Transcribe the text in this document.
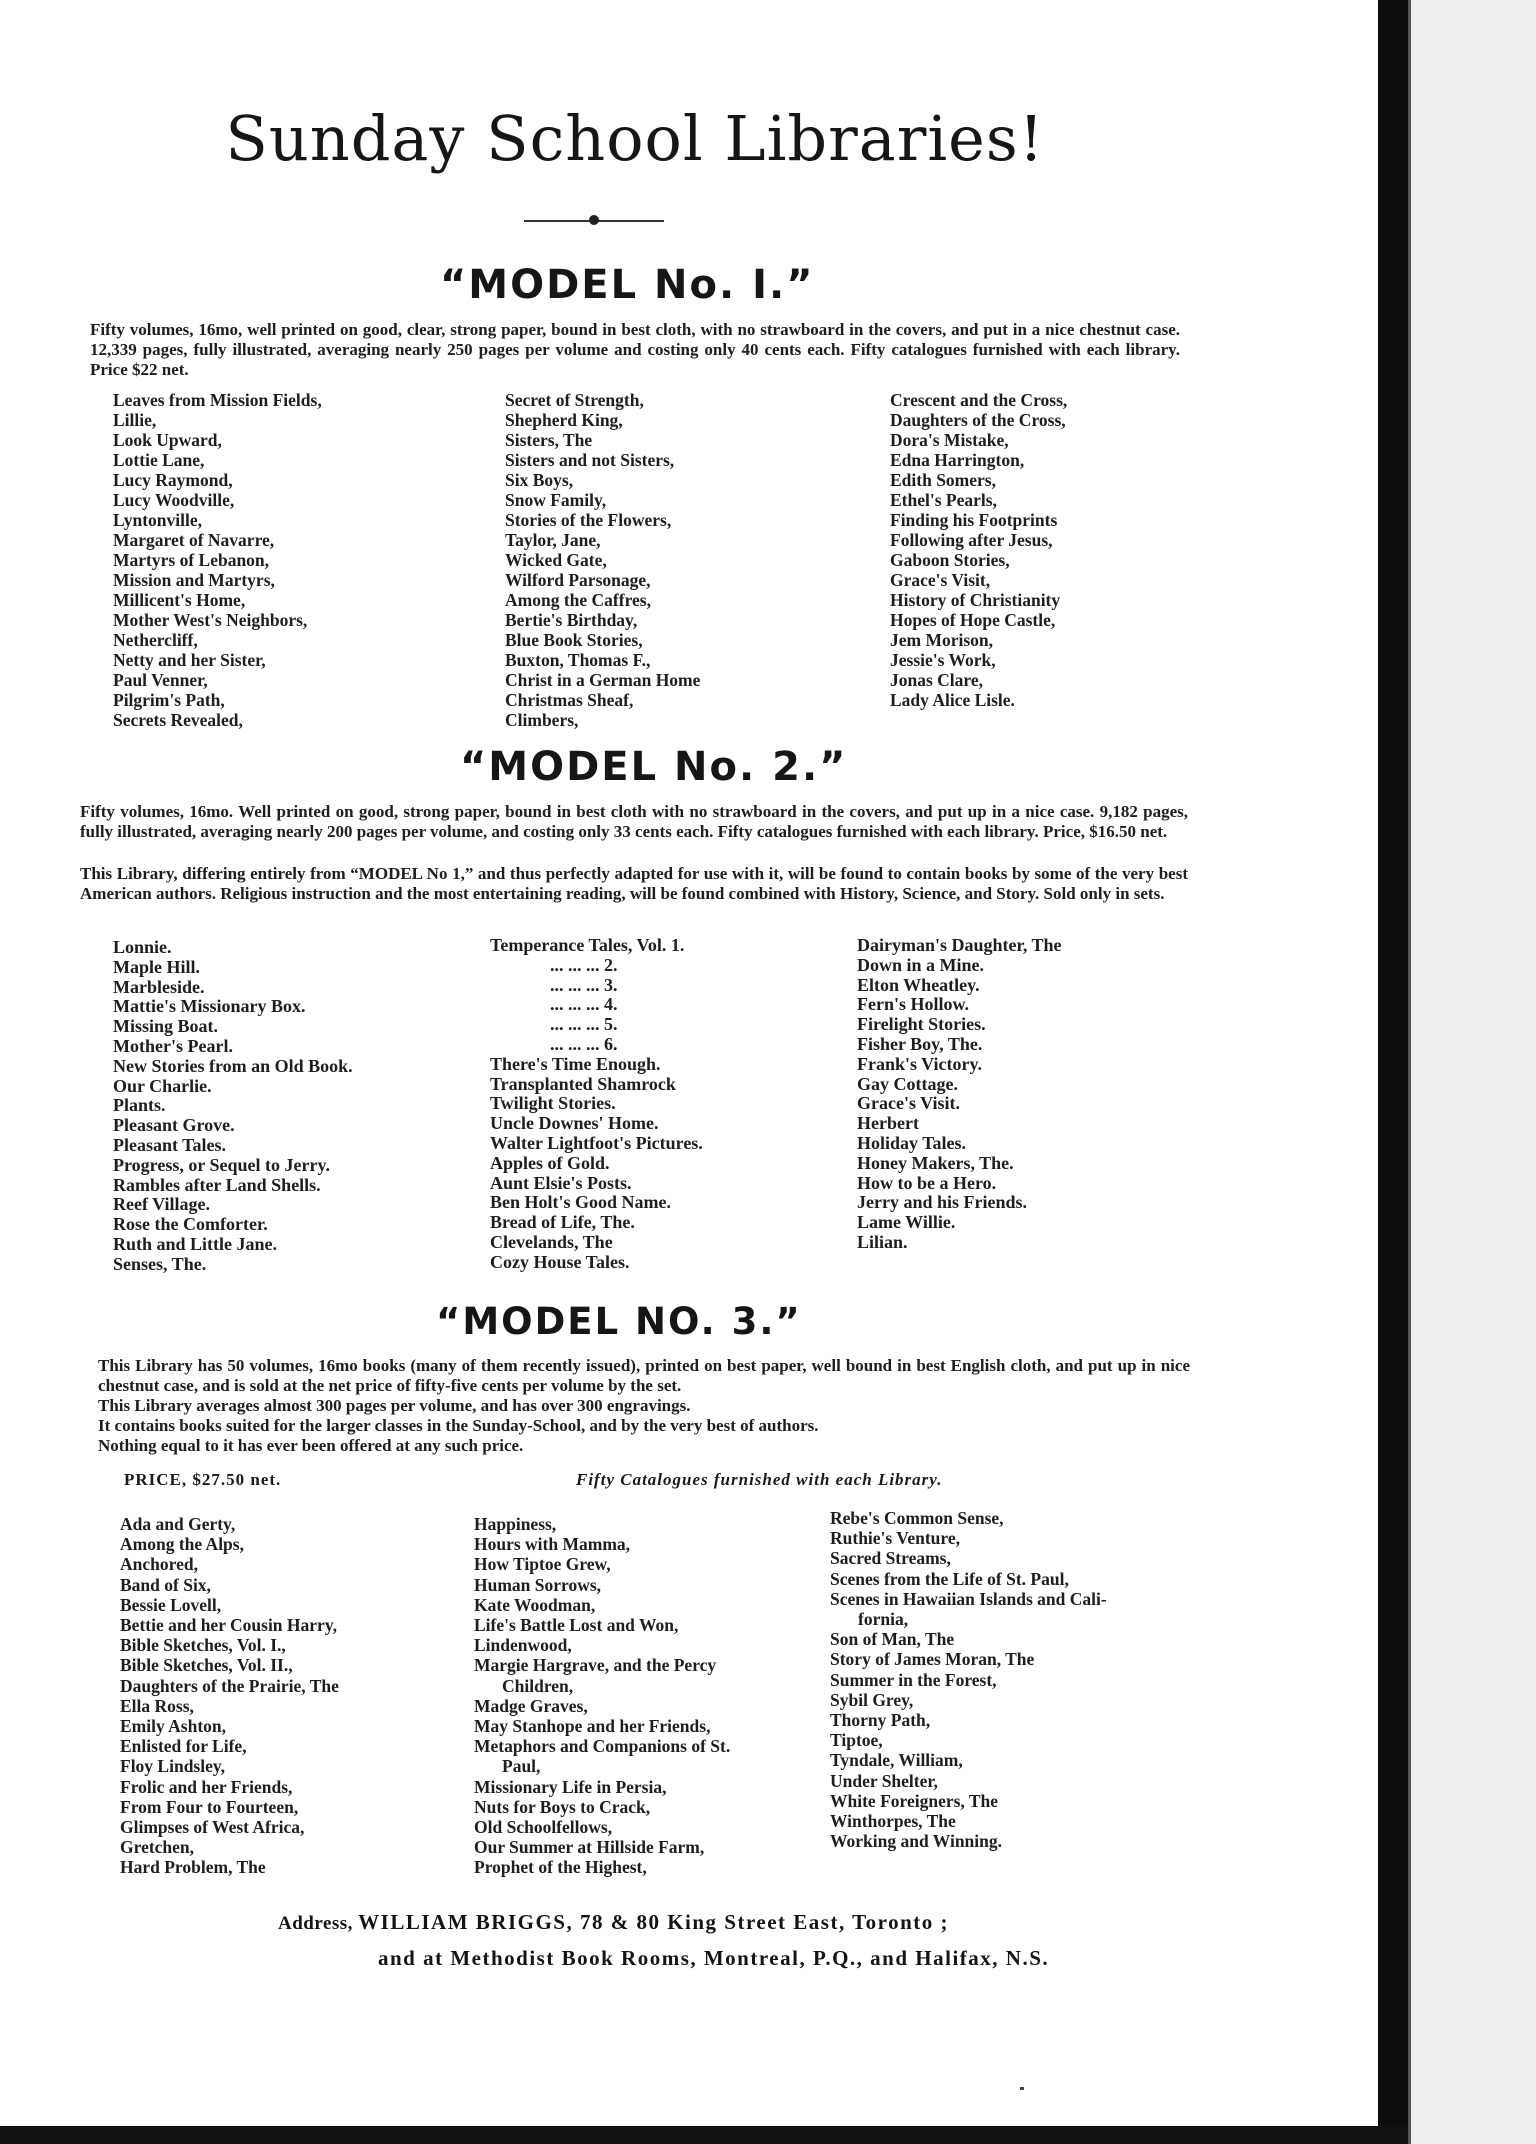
Sunday School Libraries!
“MODEL No. I.”
Fifty volumes, 16mo, well printed on good, clear, strong paper, bound in best cloth, with no strawboard in the covers, and put in a nice chestnut case. 12,339 pages, fully illustrated, averaging nearly 250 pages per volume and costing only 40 cents each. Fifty catalogues furnished with each library. Price $22 net.
Leaves from Mission Fields,
Lillie,
Look Upward,
Lottie Lane,
Lucy Raymond,
Lucy Woodville,
Lyntonville,
Margaret of Navarre,
Martyrs of Lebanon,
Mission and Martyrs,
Millicent's Home,
Mother West's Neighbors,
Nethercliff,
Netty and her Sister,
Paul Venner,
Pilgrim's Path,
Secrets Revealed,
Secret of Strength,
Shepherd King,
Sisters, The
Sisters and not Sisters,
Six Boys,
Snow Family,
Stories of the Flowers,
Taylor, Jane,
Wicked Gate,
Wilford Parsonage,
Among the Caffres,
Bertie's Birthday,
Blue Book Stories,
Buxton, Thomas F.,
Christ in a German Home
Christmas Sheaf,
Climbers,
Crescent and the Cross,
Daughters of the Cross,
Dora's Mistake,
Edna Harrington,
Edith Somers,
Ethel's Pearls,
Finding his Footprints
Following after Jesus,
Gaboon Stories,
Grace's Visit,
History of Christianity
Hopes of Hope Castle,
Jem Morison,
Jessie's Work,
Jonas Clare,
Lady Alice Lisle.
“MODEL No. 2.”
Fifty volumes, 16mo. Well printed on good, strong paper, bound in best cloth with no strawboard in the covers, and put up in a nice case. 9,182 pages, fully illustrated, averaging nearly 200 pages per volume, and costing only 33 cents each. Fifty catalogues furnished with each library. Price, $16.50 net.
This Library, differing entirely from “MODEL No 1,” and thus perfectly adapted for use with it, will be found to contain books by some of the very best American authors. Religious instruction and the most entertaining reading, will be found combined with History, Science, and Story. Sold only in sets.
Lonnie.
Maple Hill.
Marbleside.
Mattie's Missionary Box.
Missing Boat.
Mother's Pearl.
New Stories from an Old Book.
Our Charlie.
Plants.
Pleasant Grove.
Pleasant Tales.
Progress, or Sequel to Jerry.
Rambles after Land Shells.
Reef Village.
Rose the Comforter.
Ruth and Little Jane.
Senses, The.
Temperance Tales, Vol. 1.
... ... ... 2.
... ... ... 3.
... ... ... 4.
... ... ... 5.
... ... ... 6.
There's Time Enough.
Transplanted Shamrock
Twilight Stories.
Uncle Downes' Home.
Walter Lightfoot's Pictures.
Apples of Gold.
Aunt Elsie's Posts.
Ben Holt's Good Name.
Bread of Life, The.
Clevelands, The
Cozy House Tales.
Dairyman's Daughter, The
Down in a Mine.
Elton Wheatley.
Fern's Hollow.
Firelight Stories.
Fisher Boy, The.
Frank's Victory.
Gay Cottage.
Grace's Visit.
Herbert
Holiday Tales.
Honey Makers, The.
How to be a Hero.
Jerry and his Friends.
Lame Willie.
Lilian.
“MODEL NO. 3.”
This Library has 50 volumes, 16mo books (many of them recently issued), printed on best paper, well bound in best English cloth, and put up in nice chestnut case, and is sold at the net price of fifty-five cents per volume by the set.
This Library averages almost 300 pages per volume, and has over 300 engravings.
It contains books suited for the larger classes in the Sunday-School, and by the very best of authors.
Nothing equal to it has ever been offered at any such price.
PRICE, $27.50 net.	Fifty Catalogues furnished with each Library.
Ada and Gerty,
Among the Alps,
Anchored,
Band of Six,
Bessie Lovell,
Bettie and her Cousin Harry,
Bible Sketches, Vol. I.,
Bible Sketches, Vol. II.,
Daughters of the Prairie, The
Ella Ross,
Emily Ashton,
Enlisted for Life,
Floy Lindsley,
Frolic and her Friends,
From Four to Fourteen,
Glimpses of West Africa,
Gretchen,
Hard Problem, The
Happiness,
Hours with Mamma,
How Tiptoe Grew,
Human Sorrows,
Kate Woodman,
Life's Battle Lost and Won,
Lindenwood,
Margie Hargrave, and the Percy
Children,
Madge Graves,
May Stanhope and her Friends,
Metaphors and Companions of St.
Paul,
Missionary Life in Persia,
Nuts for Boys to Crack,
Old Schoolfellows,
Our Summer at Hillside Farm,
Prophet of the Highest,
Rebe's Common Sense,
Ruthie's Venture,
Sacred Streams,
Scenes from the Life of St. Paul,
Scenes in Hawaiian Islands and Cali-
fornia,
Son of Man, The
Story of James Moran, The
Summer in the Forest,
Sybil Grey,
Thorny Path,
Tiptoe,
Tyndale, William,
Under Shelter,
White Foreigners, The
Winthorpes, The
Working and Winning.
Address, WILLIAM BRIGGS, 78 & 80 King Street East, Toronto ;
and at Methodist Book Rooms, Montreal, P.Q., and Halifax, N.S.
